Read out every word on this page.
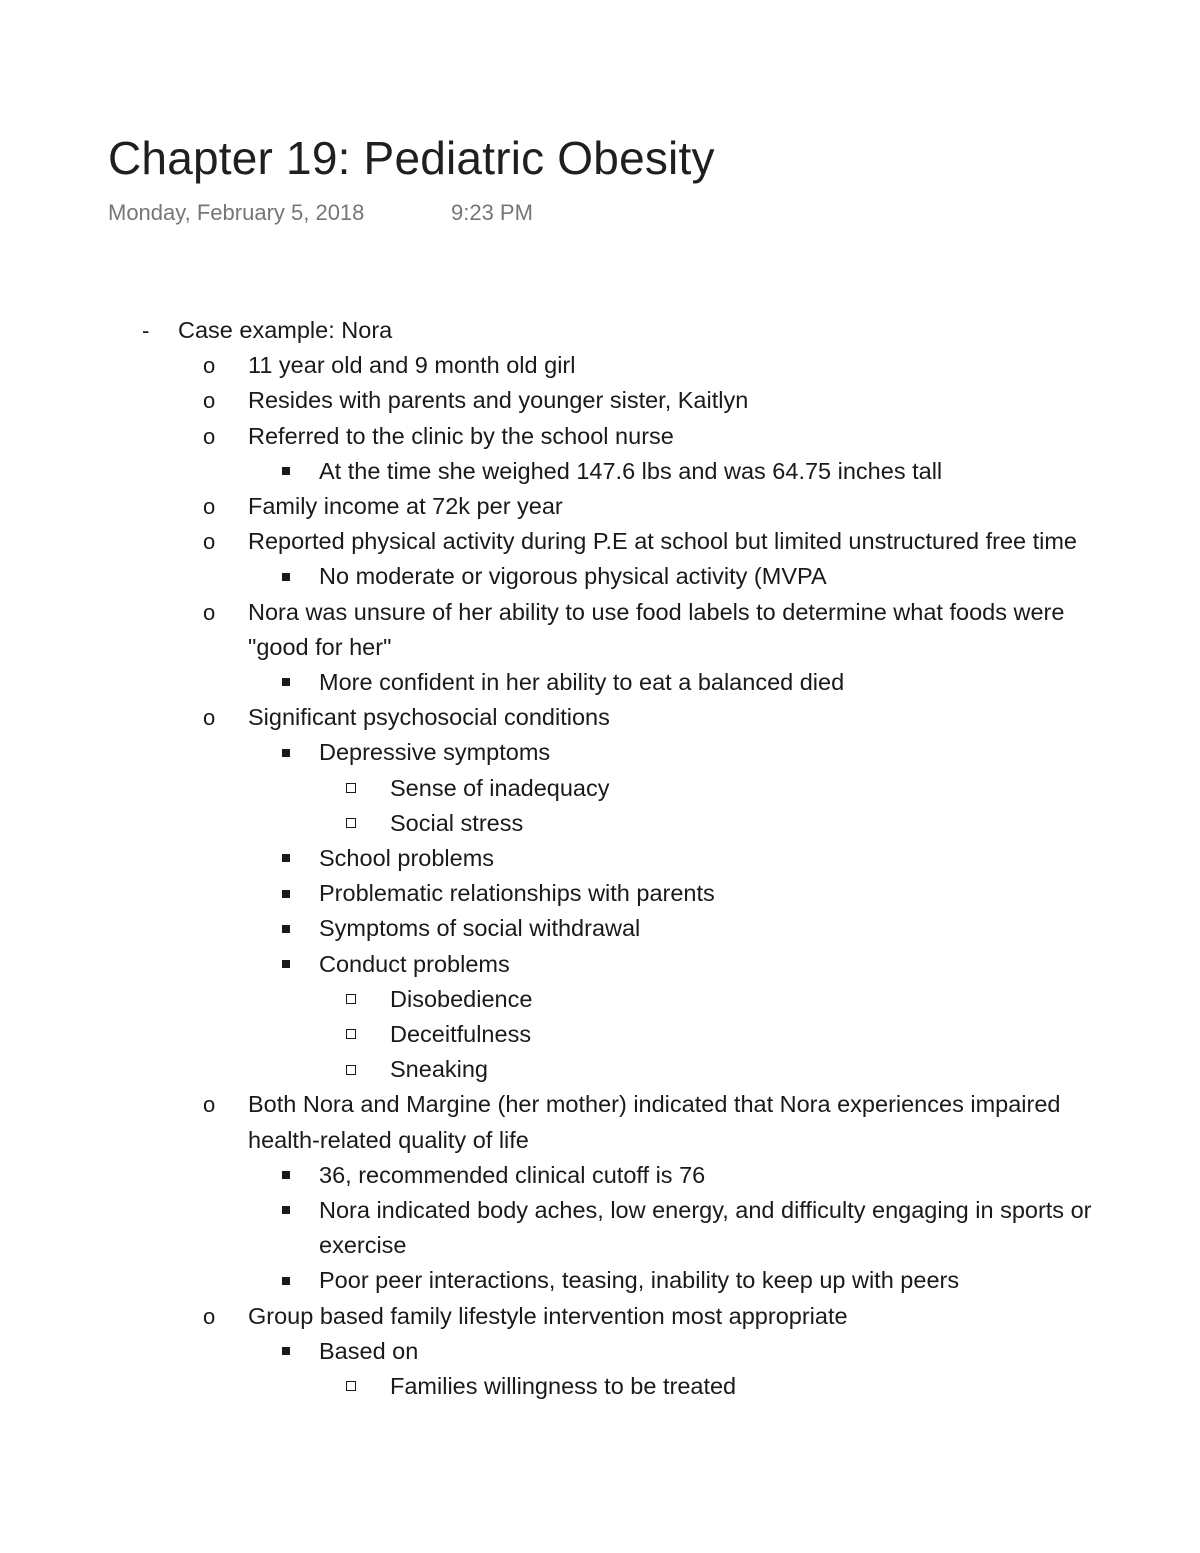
Chapter 19: Pediatric Obesity
Monday, February 5, 2018	9:23 PM
- Case example: Nora
o 11 year old and 9 month old girl
o Resides with parents and younger sister, Kaitlyn
o Referred to the clinic by the school nurse
At the time she weighed 147.6 lbs and was 64.75 inches tall
o Family income at 72k per year
o Reported physical activity during P.E at school but limited unstructured free time
No moderate or vigorous physical activity (MVPA
o Nora was unsure of her ability to use food labels to determine what foods were "good for her"
More confident in her ability to eat a balanced died
o Significant psychosocial conditions
Depressive symptoms
Sense of inadequacy
Social stress
School problems
Problematic relationships with parents
Symptoms of social withdrawal
Conduct problems
Disobedience
Deceitfulness
Sneaking
o Both Nora and Margine (her mother) indicated that Nora experiences impaired health-related quality of life
36, recommended clinical cutoff is 76
Nora indicated body aches, low energy, and difficulty engaging in sports or exercise
Poor peer interactions, teasing, inability to keep up with peers
o Group based family lifestyle intervention most appropriate
Based on
Families willingness to be treated
